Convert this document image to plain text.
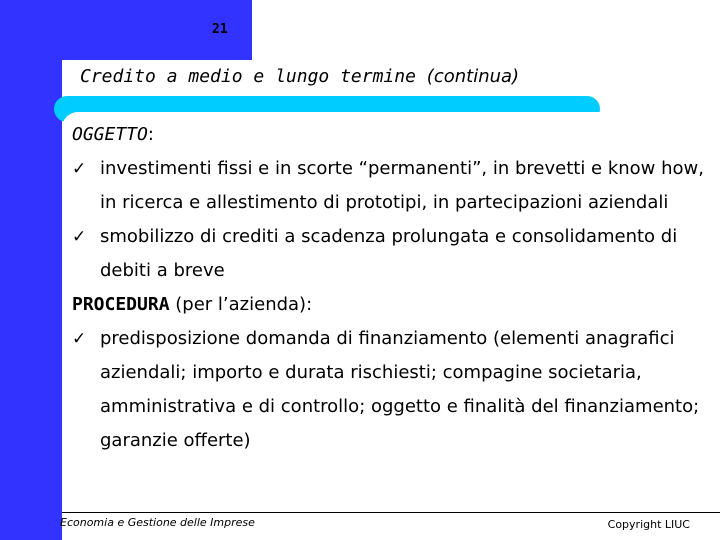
21
Credito a medio e lungo termine (continua)
OGGETTO:
✓ investimenti fissi e in scorte “permanenti”, in brevetti e know how, in ricerca e allestimento di prototipi, in partecipazioni aziendali
✓ smobilizzo di crediti a scadenza prolungata e consolidamento di debiti a breve
PROCEDURA (per l’azienda):
✓ predisposizione domanda di finanziamento (elementi anagrafici aziendali; importo e durata rischiesti; compagine societaria, amministrativa e di controllo; oggetto e finalità del finanziamento; garanzie offerte)
Economia e Gestione delle Imprese	Copyright LIUC
